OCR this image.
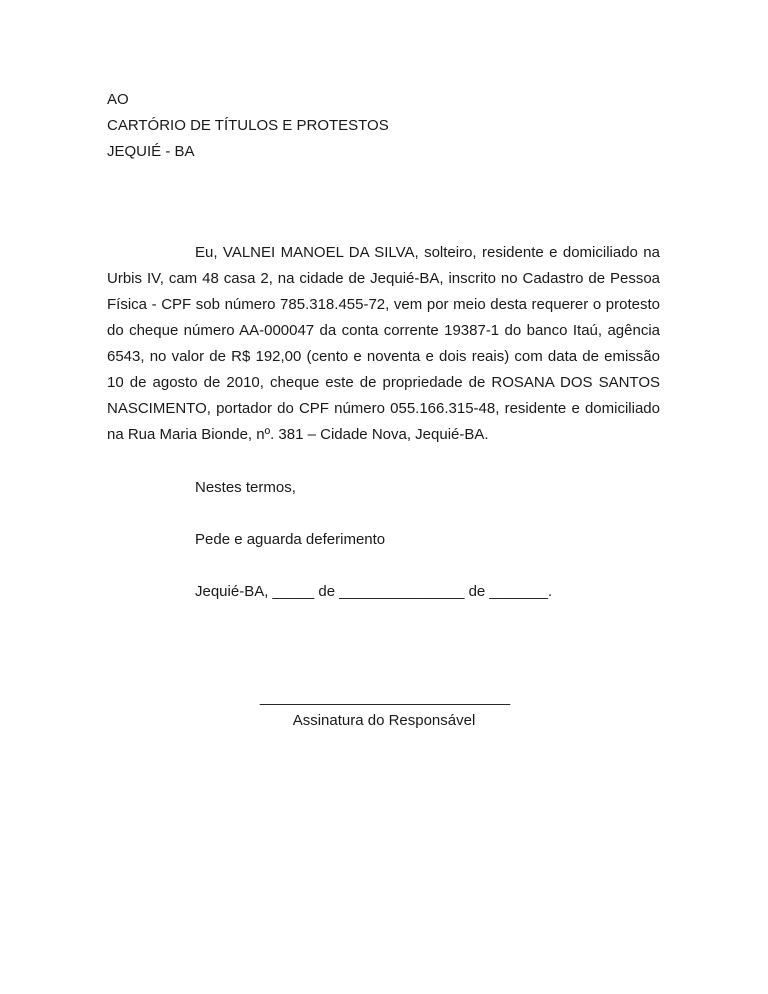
AO
CARTÓRIO DE TÍTULOS E PROTESTOS
JEQUIÉ - BA

Eu, VALNEI MANOEL DA SILVA, solteiro, residente e domiciliado na Urbis IV, cam 48 casa 2, na cidade de Jequié-BA, inscrito no Cadastro de Pessoa Física - CPF sob número 785.318.455-72, vem por meio desta requerer o protesto do cheque número AA-000047 da conta corrente 19387-1 do banco Itaú, agência 6543, no valor de R$ 192,00 (cento e noventa e dois reais) com data de emissão 10 de agosto de 2010, cheque este de propriedade de ROSANA DOS SANTOS NASCIMENTO, portador do CPF número 055.166.315-48, residente e domiciliado na Rua Maria Bionde, nº. 381 – Cidade Nova, Jequié-BA.

Nestes termos,
Pede e aguarda deferimento
Jequié-BA, _____ de _______________ de _______.
______________________________
Assinatura do Responsável
